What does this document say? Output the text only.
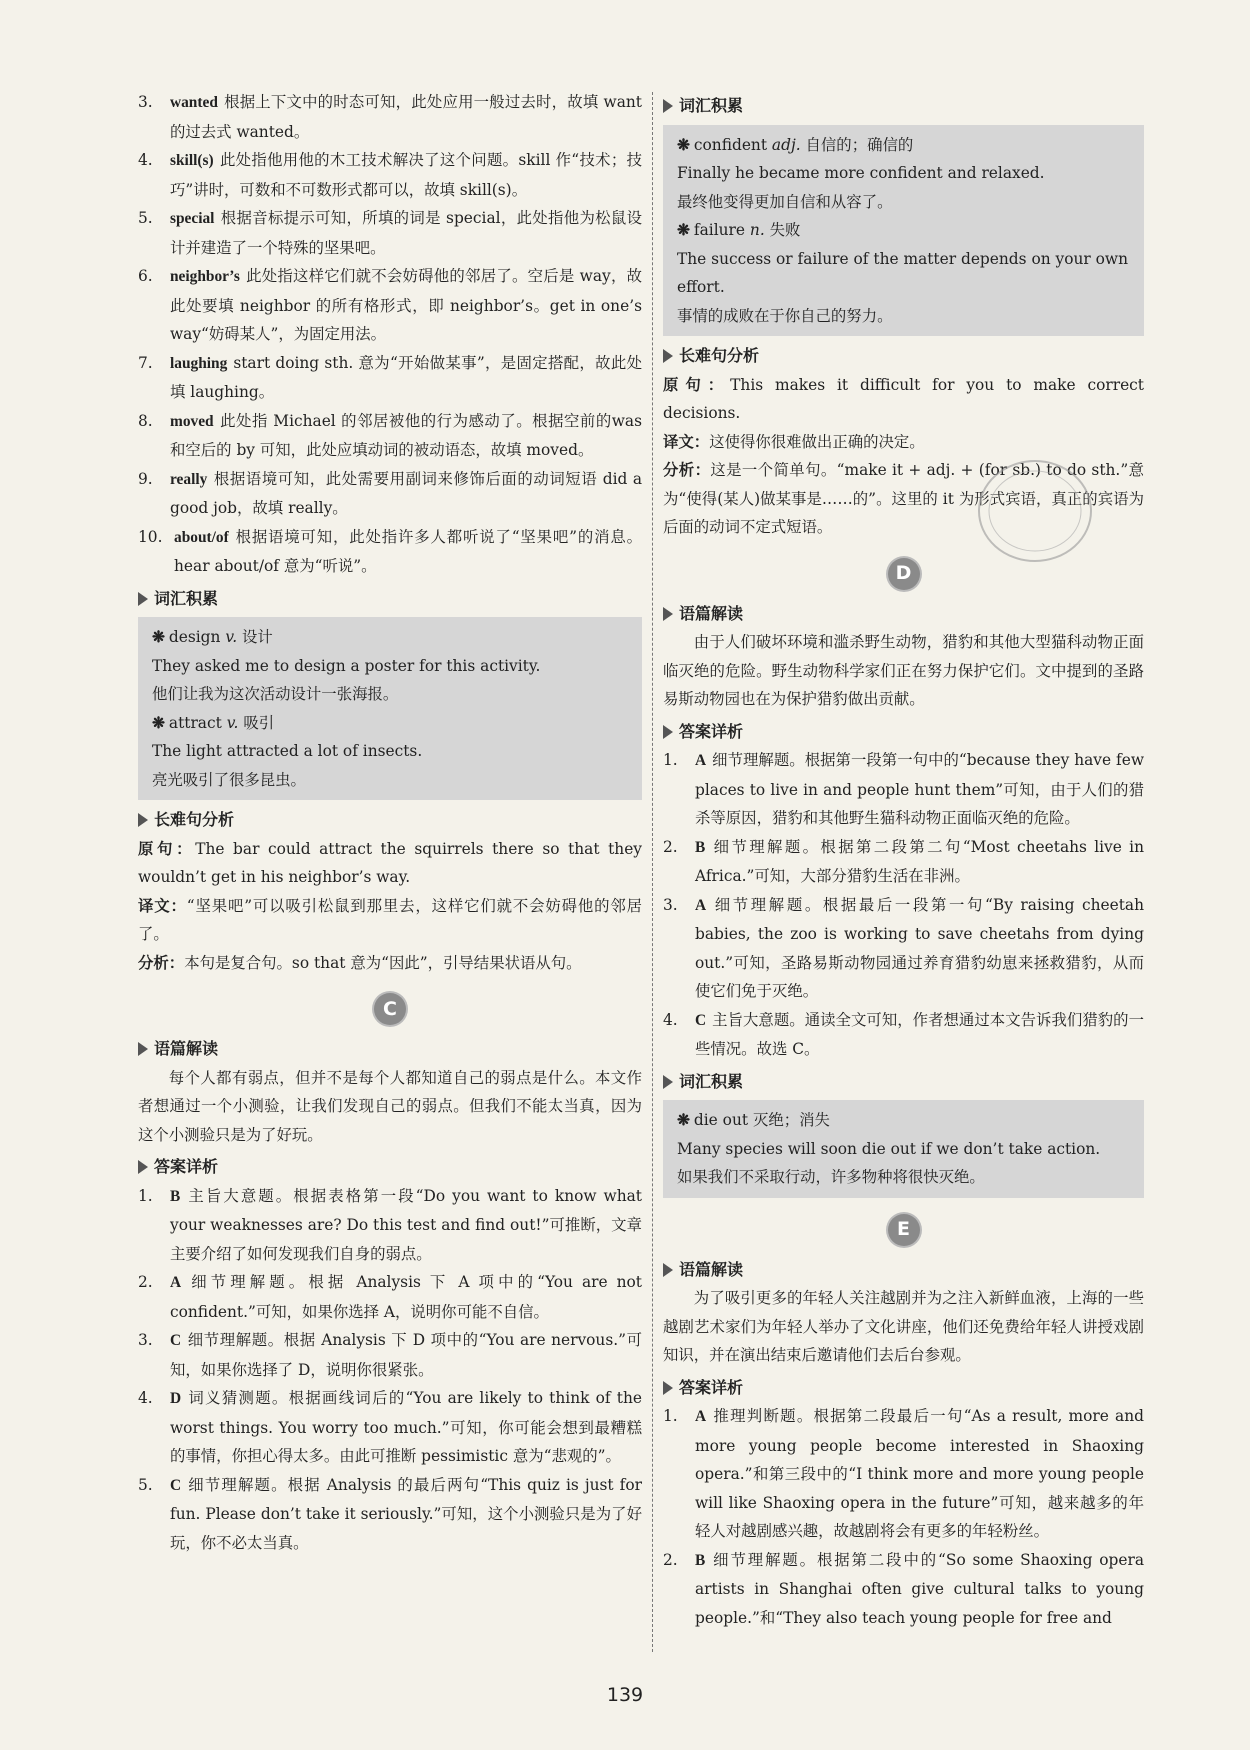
3.	wanted 根据上下文中的时态可知，此处应用一般过去时，故填 want 的过去式 wanted。
4.	skill(s) 此处指他用他的木工技术解决了这个问题。skill 作“技术；技巧”讲时，可数和不可数形式都可以，故填 skill(s)。
5.	special 根据音标提示可知，所填的词是 special，此处指他为松鼠设计并建造了一个特殊的坚果吧。
6.	neighbor’s 此处指这样它们就不会妨碍他的邻居了。空后是 way，故此处要填 neighbor 的所有格形式，即 neighbor’s。get in one’s way“妨碍某人”，为固定用法。
7.	laughing start doing sth. 意为“开始做某事”，是固定搭配，故此处填 laughing。
8.	moved 此处指 Michael 的邻居被他的行为感动了。根据空前的was和空后的 by 可知，此处应填动词的被动语态，故填 moved。
9.	really 根据语境可知，此处需要用副词来修饰后面的动词短语 did a good job，故填 really。
10. about/of 根据语境可知，此处指许多人都听说了“坚果吧”的消息。hear about/of 意为“听说”。
词汇积累
❋ design v. 设计
They asked me to design a poster for this activity.
他们让我为这次活动设计一张海报。
❋ attract v. 吸引
The light attracted a lot of insects.
亮光吸引了很多昆虫。
长难句分析

原句：The bar could attract the squirrels there so that they wouldn’t get in his neighbor’s way.

译文：“坚果吧”可以吸引松鼠到那里去，这样它们就不会妨碍他的邻居了。

分析：本句是复合句。so that 意为“因此”，引导结果状语从句。

C
语篇解读

每个人都有弱点，但并不是每个人都知道自己的弱点是什么。本文作者想通过一个小测验，让我们发现自己的弱点。但我们不能太当真，因为这个小测验只是为了好玩。

答案详析
1.	B 主旨大意题。根据表格第一段“Do you want to know what your weaknesses are? Do this test and find out!”可推断，文章主要介绍了如何发现我们自身的弱点。
2.	A 细节理解题。根据 Analysis 下 A 项中的“You are not confident.”可知，如果你选择 A，说明你可能不自信。
3.	C 细节理解题。根据 Analysis 下 D 项中的“You are nervous.”可知，如果你选择了 D，说明你很紧张。
4.	D 词义猜测题。根据画线词后的“You are likely to think of the worst things. You worry too much.”可知，你可能会想到最糟糕的事情，你担心得太多。由此可推断 pessimistic 意为“悲观的”。
5.	C 细节理解题。根据 Analysis 的最后两句“This quiz is just for fun. Please don’t take it seriously.”可知，这个小测验只是为了好玩，你不必太当真。
词汇积累
❋ confident adj. 自信的；确信的
Finally he became more confident and relaxed.
最终他变得更加自信和从容了。
❋ failure n. 失败
The success or failure of the matter depends on your own effort.
事情的成败在于你自己的努力。
长难句分析

原句：This makes it difficult for you to make correct decisions.

译文：这使得你很难做出正确的决定。

分析：这是一个简单句。“make it + adj. + (for sb.) to do sth.”意为“使得(某人)做某事是……的”。这里的 it 为形式宾语，真正的宾语为后面的动词不定式短语。

D
语篇解读

由于人们破坏环境和滥杀野生动物，猎豹和其他大型猫科动物正面临灭绝的危险。野生动物科学家们正在努力保护它们。文中提到的圣路易斯动物园也在为保护猎豹做出贡献。

答案详析
1.	A 细节理解题。根据第一段第一句中的“because they have few places to live in and people hunt them”可知，由于人们的猎杀等原因，猎豹和其他野生猫科动物正面临灭绝的危险。
2.	B 细节理解题。根据第二段第二句“Most cheetahs live in Africa.”可知，大部分猎豹生活在非洲。
3.	A 细节理解题。根据最后一段第一句“By raising cheetah babies, the zoo is working to save cheetahs from dying out.”可知，圣路易斯动物园通过养育猎豹幼崽来拯救猎豹，从而使它们免于灭绝。
4.	C 主旨大意题。通读全文可知，作者想通过本文告诉我们猎豹的一些情况。故选 C。
词汇积累
❋ die out 灭绝；消失
Many species will soon die out if we don’t take action.
如果我们不采取行动，许多物种将很快灭绝。
E
语篇解读

为了吸引更多的年轻人关注越剧并为之注入新鲜血液，上海的一些越剧艺术家们为年轻人举办了文化讲座，他们还免费给年轻人讲授戏剧知识，并在演出结束后邀请他们去后台参观。

答案详析
1.	A 推理判断题。根据第二段最后一句“As a result, more and more young people become interested in Shaoxing opera.”和第三段中的“I think more and more young people will like Shaoxing opera in the future”可知，越来越多的年轻人对越剧感兴趣，故越剧将会有更多的年轻粉丝。
2.	B 细节理解题。根据第二段中的“So some Shaoxing opera artists in Shanghai often give cultural talks to young people.”和“They also teach young people for free and
139
